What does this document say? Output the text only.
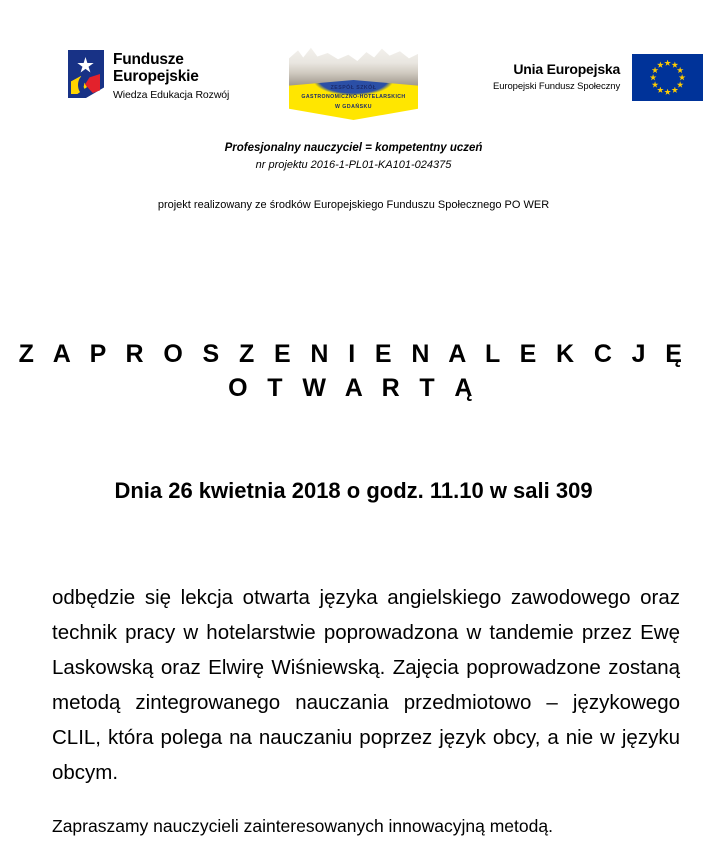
Fundusze
Europejskie
Wiedza Edukacja Rozwój
ZESPÓŁ SZKÓŁ
GASTRONOMICZNO-HOTELARSKICH
W GDAŃSKU
Unia Europejska
Europejski Fundusz Społeczny
Profesjonalny nauczyciel = kompetentny uczeń
nr projektu 2016-1-PL01-KA101-024375
projekt realizowany ze środków Europejskiego Funduszu Społecznego PO WER
Z A P R O S Z E N I E N A L E K C J Ę O T W A R T Ą
Dnia 26 kwietnia 2018 o godz. 11.10 w sali 309

odbędzie się lekcja otwarta języka angielskiego zawodowego oraz technik pracy w hotelarstwie poprowadzona w tandemie przez Ewę Laskowską oraz Elwirę Wiśniewską. Zajęcia poprowadzone zostaną metodą zintegrowanego nauczania przedmiotowo – językowego CLIL, która polega na nauczaniu poprzez język obcy, a nie w języku obcym.

Zapraszamy nauczycieli zainteresowanych innowacyjną metodą.
